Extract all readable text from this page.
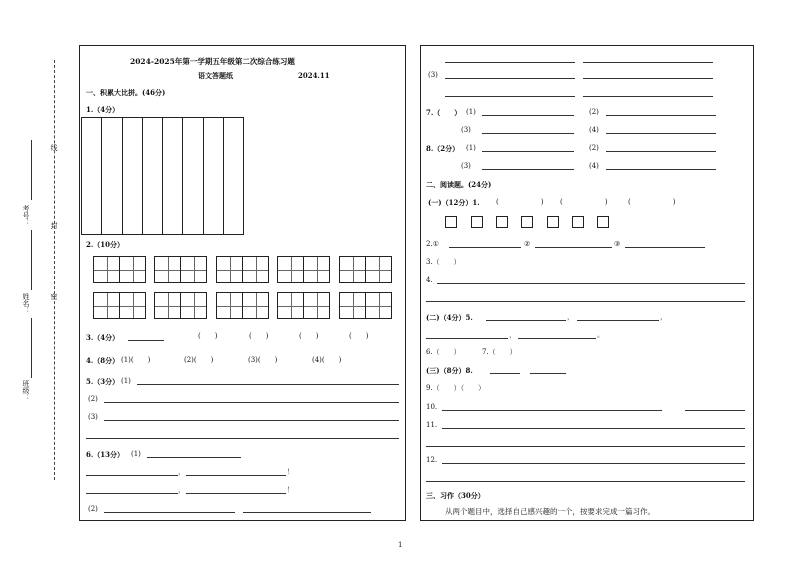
线
封
密
考号：
姓名：
班级：
2024-2025年第一学期五年级第二次综合练习题
语文答题纸	2024.11
一、积累大比拼。(46分)
1.（4分）
2.（10分）
3.（4分）	(　　)	(　　)	(　　)	(　　)
4.（8分） (1)(　　)	(2)(　　)	(3)(　　)	(4)(　　)
5.（3分） (1)
(2)
(3)
6.（13分） (1)
，	！
，	！
(2)
(3)
7.（　　） (1)	(2)
(3)	(4)
8.（2分） (1)	(2)
(3)	(4)
二、阅读题。(24分)
(一)（12分）1. (　　　　　　) (　　　　　　)	(　　　　　　)
2.①	②	③
3.（　　）
4.
(二)（4分）5.	，	，
，	。
6.（　　）	7.（　　）
(三)（8分）8.
9.（　　）（　　）
10.
11.
12.
三、习作（30分）
从两个题目中，选择自己感兴趣的一个，按要求完成一篇习作。
1
